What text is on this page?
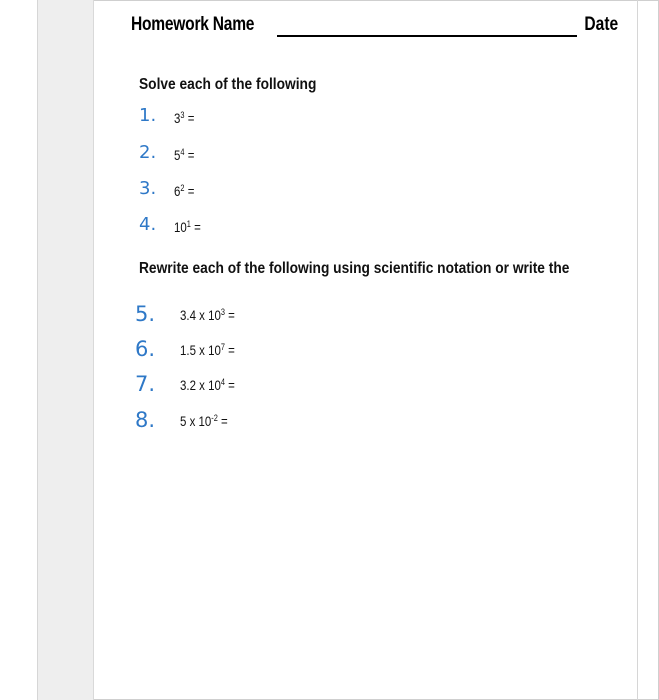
Homework Name	Date
Solve each of the following
1. $3^3$ =
2. $5^4$ =
3. $6^2$ =
4. $10^1$ =
Rewrite each of the following using scientific notation or write the
5. 3.4 x $10^3$ =
6. 1.5 x $10^7$ =
7. 3.2 x $10^4$ =
8. 5 x $10^{-2}$ =
